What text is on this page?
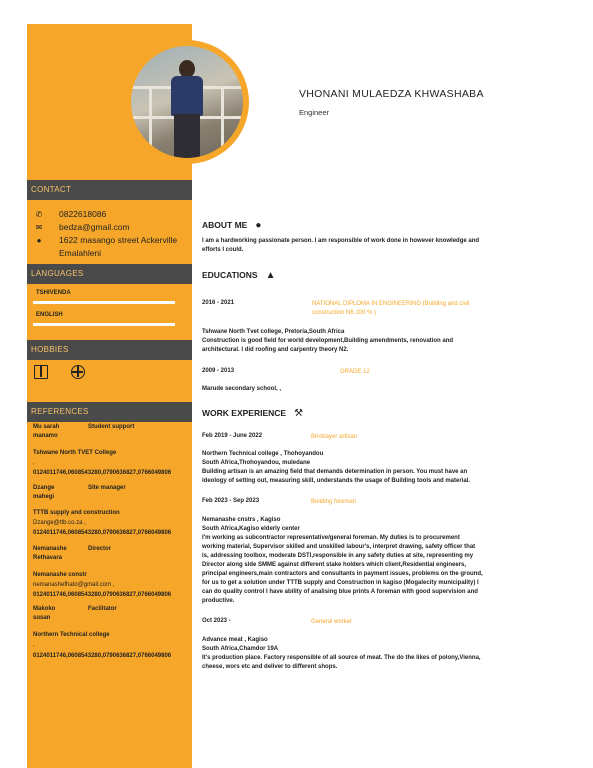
VHONANI MULAEDZA KHWASHABA
Engineer
CONTACT
✆ 0822618086
✉ bedza@gmail.com
● 1622 masango street Ackerville
Emalahleni
LANGUAGES
TSHIVENDA
ENGLISH
HOBBIES
REFERENCES
Mu sarah	Student support
manamo
Tshwane North TVET College
,
0124011746,0608543280,0790636827,0766049806
Dzange	Site manager
mahegi
TTTB supply and construction
Dzange@ttb.co.za ,
0124011746,0608543280,0790636827,0766049806
Nemanashe	Director
Rethavara
Nemanashe constr
nemanashefhato@gmail.com ,
0124011746,0608543280,0790636827,0766049806
Makoko	Facilitator
susan
Northern Technical college
,
0124011746,0608543280,0790636827,0766049806
ABOUT ME ●
I am a hardworking passionate person. I am responsible of work done in however knowledge and
efforts I could.
EDUCATIONS ▲
2016 - 2021	NATIONAL DIPLOMA IN ENGINEERING (Building and civil
construction N6 100 % )
Tshwane North Tvet college, Pretoria,South Africa
Construction is good field for world development,Building amendments, renovation and
architectural. I did roofing and carpentry theory N2.
2009 - 2013	GRADE 12
Marude secondary school, ,
WORK EXPERIENCE ⚒
Feb 2019 - June 2022	Bricklayer artisan
Northern Technical college , Thohoyandou
South Africa,Thohoyandou, muledane
Building artisan is an amazing field that demands determination in person. You must have an
ideology of setting out, measuring skill, understands the usage of Building tools and material.
Feb 2023 - Sep 2023	Building foreman
Nemanashe cnstrs , Kagiso
South Africa,Kagiso elderly center
I'm working as subcontractor representative/general foreman. My duties is to procurement
working material, Supervisor skilled and unskilled labour's, interpret drawing, safety officer that
is, addressing toolbox, moderate DSTI,responsible in any safety duties at site, representing my
Director along side SMME against different stake holders which client,Residential engineers,
principal engineers,main contractors and consultants in payment issues, problems on the ground,
for us to get a solution under TTTB supply and Construction in kagiso (Mogalecity municipality) I
can do quality control I have ability of analising blue prints A foreman with good supervision and
productive.
Oct 2023 -	General worker
Advance meat , Kagiso
South Africa,Chamdor 19A
It's production place. Factory responsible of all source of meat. The do the likes of polony,Vienna,
cheese, wors etc and deliver to different shops.
